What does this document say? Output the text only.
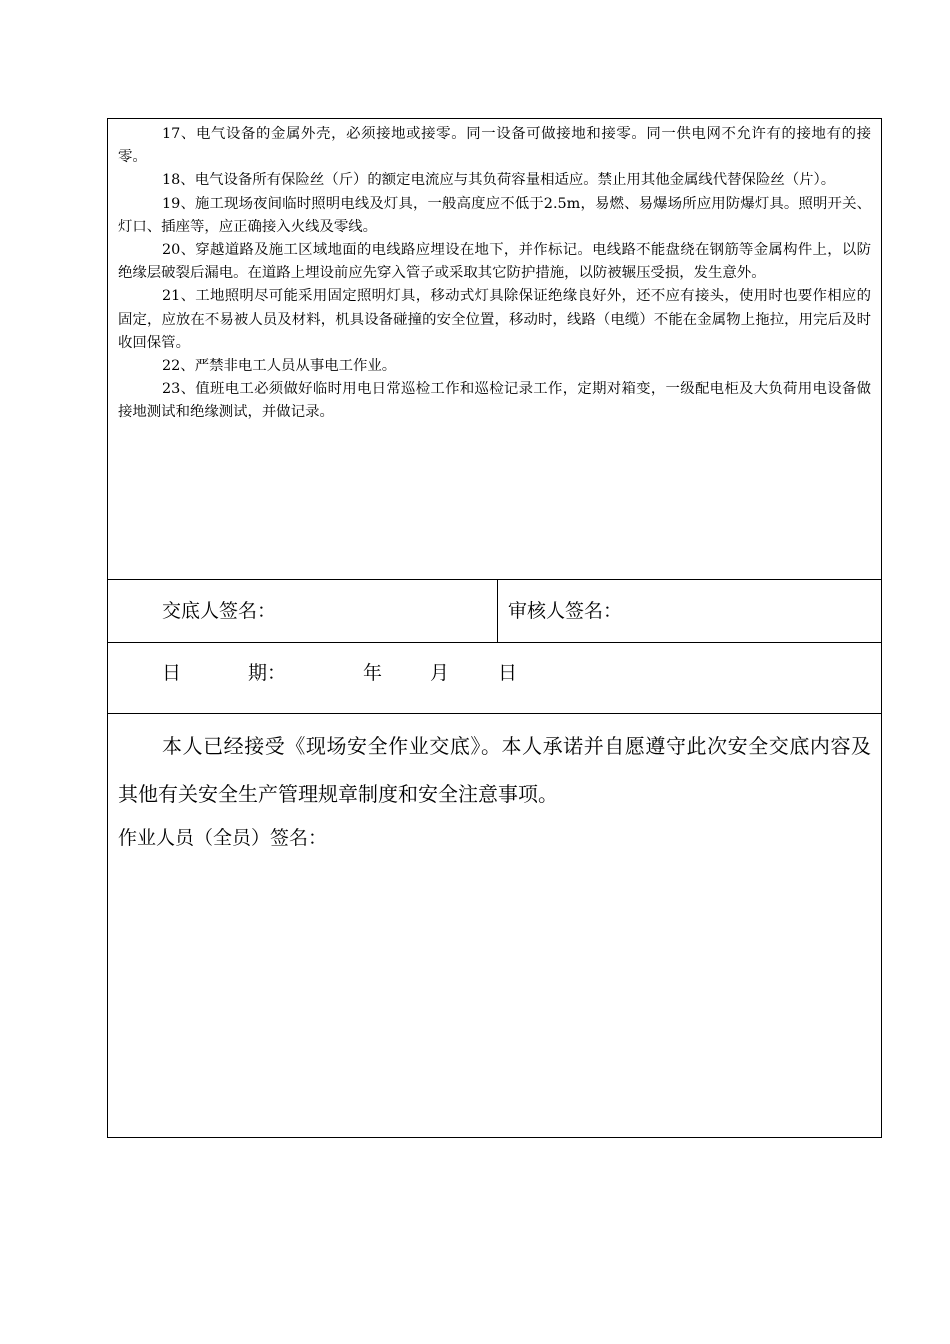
17、电气设备的金属外壳，必须接地或接零。同一设备可做接地和接零。同一供电网不允许有的接地有的接零。

18、电气设备所有保险丝（斤）的额定电流应与其负荷容量相适应。禁止用其他金属线代替保险丝（片）。

19、施工现场夜间临时照明电线及灯具，一般高度应不低于2.5m，易燃、易爆场所应用防爆灯具。照明开关、灯口、插座等，应正确接入火线及零线。

20、穿越道路及施工区域地面的电线路应埋设在地下，并作标记。电线路不能盘绕在钢筋等金属构件上，以防绝缘层破裂后漏电。在道路上埋设前应先穿入管子或采取其它防护措施，以防被辗压受损，发生意外。

21、工地照明尽可能采用固定照明灯具，移动式灯具除保证绝缘良好外，还不应有接头，使用时也要作相应的固定，应放在不易被人员及材料，机具设备碰撞的安全位置，移动时，线路（电缆）不能在金属物上拖拉，用完后及时收回保管。

22、严禁非电工人员从事电工作业。

23、值班电工必须做好临时用电日常巡检工作和巡检记录工作，定期对箱变，一级配电柜及大负荷用电设备做接地测试和绝缘测试，并做记录。

交底人签名：	审核人签名：
日	期：	年	月	日

本人已经接受《现场安全作业交底》。本人承诺并自愿遵守此次安全交底内容及其他有关安全生产管理规章制度和安全注意事项。

作业人员（全员）签名：
